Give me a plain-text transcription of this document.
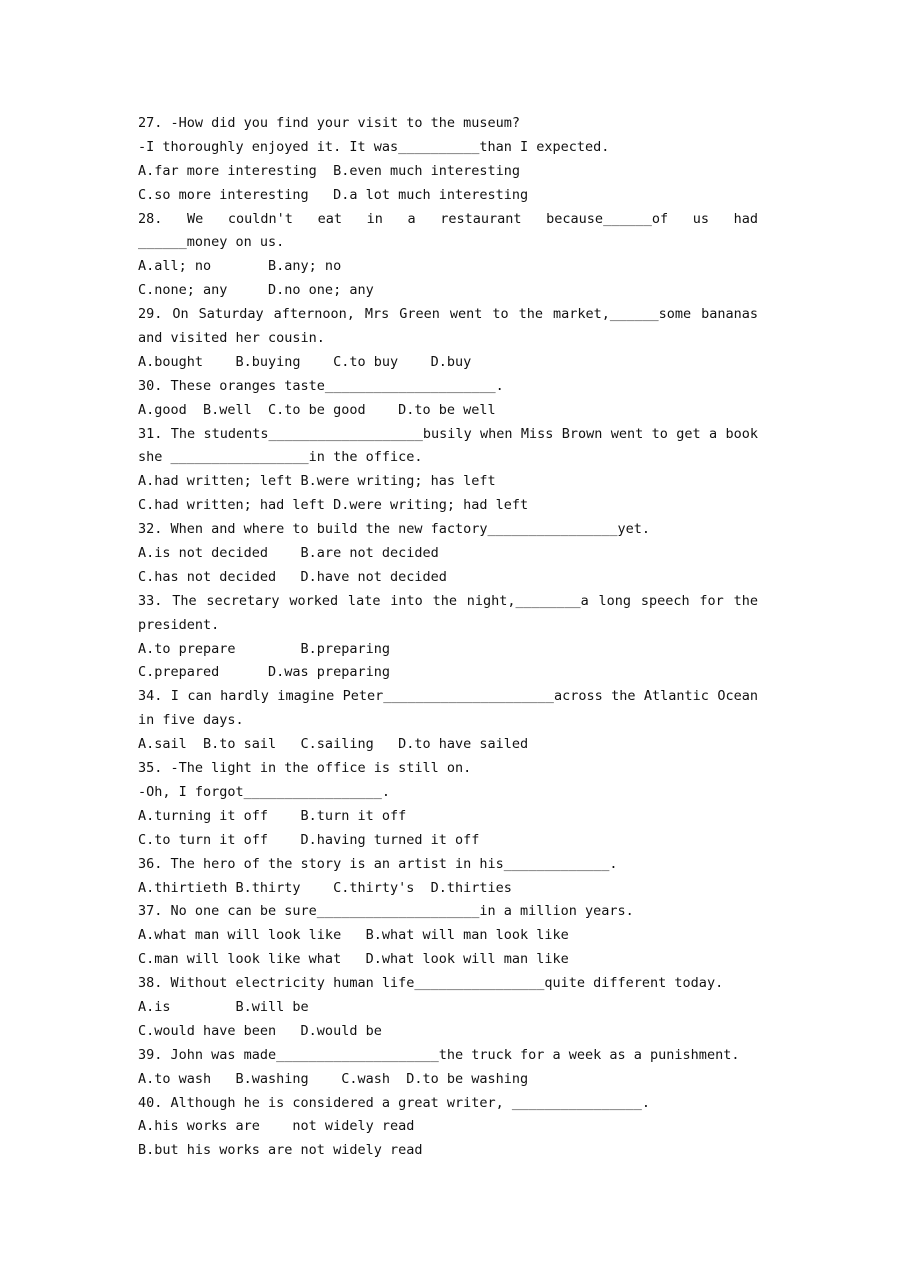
27. -How did you find your visit to the museum?
-I thoroughly enjoyed it. It was__________than I expected.
A.far more interesting  B.even much interesting
C.so more interesting   D.a lot much interesting
28. We couldn't eat in a restaurant because______of us had
______money on us.
A.all; no       B.any; no
C.none; any     D.no one; any
29. On Saturday afternoon, Mrs Green went to the market,______some bananas
and visited her cousin.
A.bought    B.buying    C.to buy    D.buy
30. These oranges taste_____________________.
A.good  B.well  C.to be good    D.to be well
31. The students___________________busily when Miss Brown went to get a book
she _________________in the office.
A.had written; left B.were writing; has left
C.had written; had left D.were writing; had left
32. When and where to build the new factory________________yet.
A.is not decided    B.are not decided
C.has not decided   D.have not decided
33. The secretary worked late into the night,________a long speech for the
president.
A.to prepare        B.preparing
C.prepared      D.was preparing
34. I can hardly imagine Peter_____________________across the Atlantic Ocean
in five days.
A.sail  B.to sail   C.sailing   D.to have sailed
35. -The light in the office is still on.
-Oh, I forgot_________________.
A.turning it off    B.turn it off
C.to turn it off    D.having turned it off
36. The hero of the story is an artist in his_____________.
A.thirtieth B.thirty    C.thirty's  D.thirties
37. No one can be sure____________________in a million years.
A.what man will look like   B.what will man look like
C.man will look like what   D.what look will man like
38. Without electricity human life________________quite different today.
A.is        B.will be
C.would have been   D.would be
39. John was made____________________the truck for a week as a punishment.
A.to wash   B.washing    C.wash  D.to be washing
40. Although he is considered a great writer, ________________.
A.his works are    not widely read
B.but his works are not widely read
